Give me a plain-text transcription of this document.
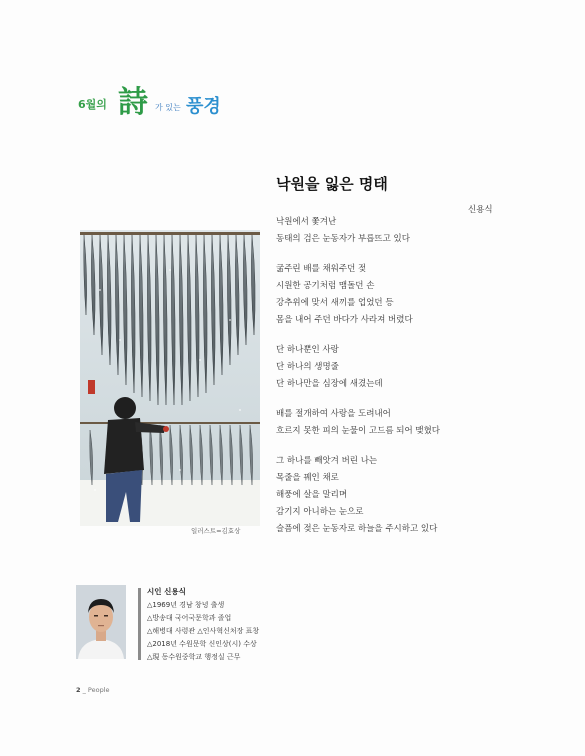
6월의 詩 가 있는 풍경
낙원을 잃은 명태
신용식
일러스트=김효상
낙원에서 쫓겨난
동태의 검은 눈동자가 부릅뜨고 있다
굶주린 배를 채워주던 젖
시원한 공기처럼 맴돌던 손
강추위에 맞서 새끼를 업었던 등
몸을 내어 주던 바다가 사라져 버렸다
단 하나뿐인 사랑
단 하나의 생명줄
단 하나만을 심장에 새겼는데
배를 절개하여 사랑을 도려내어
흐르지 못한 피의 눈물이 고드름 되어 맺혔다
그 하나를 빼앗겨 버린 나는
목줄을 꿰인 채로
해풍에 살을 말리며
감기지 아니하는 눈으로
슬픔에 젖은 눈동자로 하늘을 주시하고 있다
시인 신용식
△1969년 경남 창녕 출생
△방송대 국어국문학과 졸업
△해병대 사령관 △인사혁신처장 표창
△2018년 수원문학 신인상(시) 수상
△現 동수원중학교 행정실 근무
2 _ People
